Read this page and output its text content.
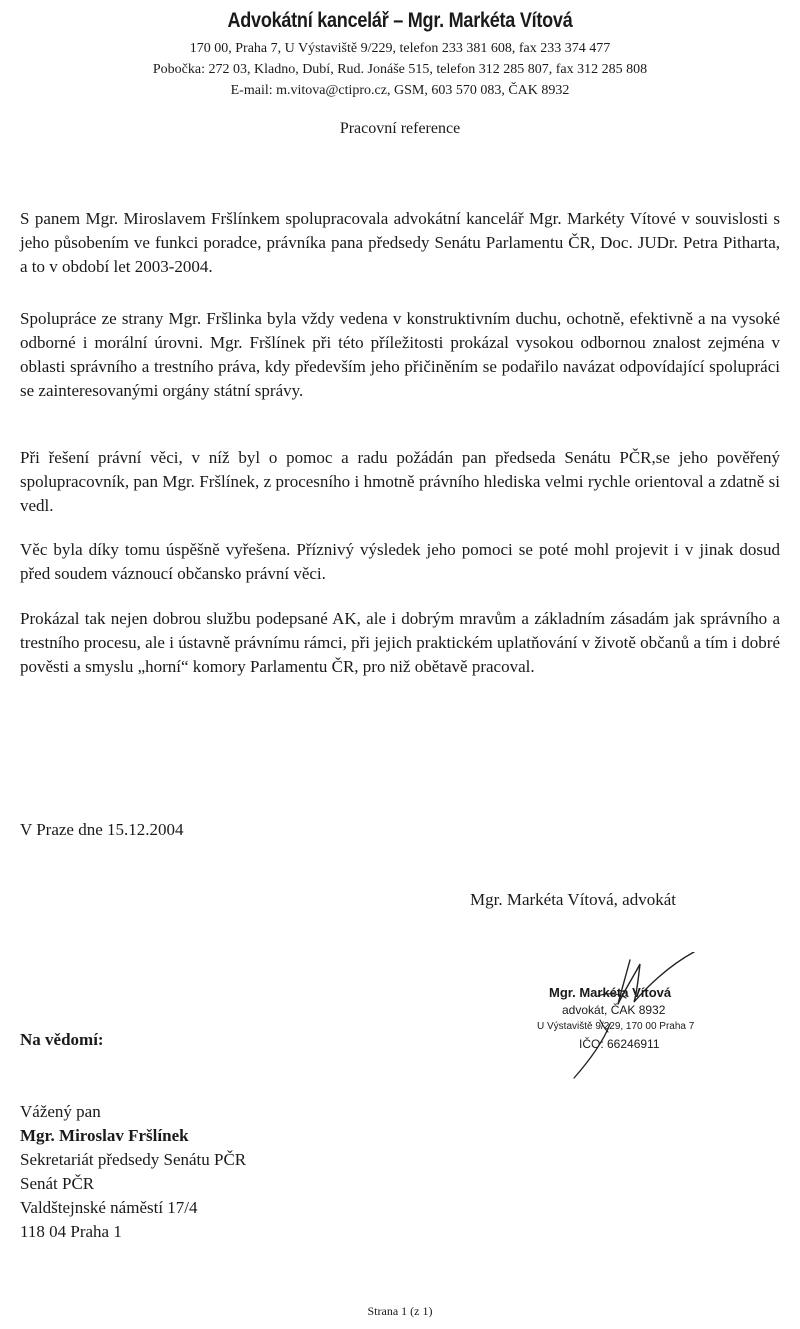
Advokátní kancelář – Mgr. Markéta Vítová
170 00, Praha 7, U Výstaviště 9/229, telefon 233 381 608, fax 233 374 477
Pobočka: 272 03, Kladno, Dubí, Rud. Jonáše 515, telefon 312 285 807, fax 312 285 808
E-mail: m.vitova@ctipro.cz, GSM, 603 570 083, ČAK 8932
Pracovní reference

S panem Mgr. Miroslavem Fršlínkem spolupracovala advokátní kancelář Mgr. Markéty Vítové v souvislosti s jeho působením ve funkci poradce, právníka pana předsedy Senátu Parlamentu ČR, Doc. JUDr. Petra Pitharta, a to v období let 2003-2004.

Spolupráce ze strany Mgr. Fršlinka byla vždy vedena v konstruktivním duchu, ochotně, efektivně a na vysoké odborné i morální úrovni. Mgr. Fršlínek při této příležitosti prokázal vysokou odbornou znalost zejména v oblasti správního a trestního práva, kdy především jeho přičiněním se podařilo navázat odpovídající spolupráci se zainteresovanými orgány státní správy.

Při řešení právní věci, v níž byl o pomoc a radu požádán pan předseda Senátu PČR,se jeho pověřený spolupracovník, pan Mgr. Fršlínek, z procesního i hmotně právního hlediska velmi rychle orientoval a zdatně si vedl.

Věc byla díky tomu úspěšně vyřešena. Příznivý výsledek jeho pomoci se poté mohl projevit i v jinak dosud před soudem váznoucí občansko právní věci.

Prokázal tak nejen dobrou službu podepsané AK, ale i dobrým mravům a základním zásadám jak správního a trestního procesu, ale i ústavně právnímu rámci, při jejich praktickém uplatňování v životě občanů a tím i dobré pověsti a smyslu „horní“ komory Parlamentu ČR, pro niž obětavě pracoval.

V Praze dne 15.12.2004
Mgr. Markéta Vítová, advokát
Mgr. Markéta Vítová
advokát, ČAK 8932
U Výstaviště 9/229, 170 00 Praha 7
IČO: 66246911
Na vědomí:
Vážený pan
Mgr. Miroslav Fršlínek
Sekretariát předsedy Senátu PČR
Senát PČR
Valdštejnské náměstí 17/4
118 04 Praha 1
Strana 1 (z 1)
